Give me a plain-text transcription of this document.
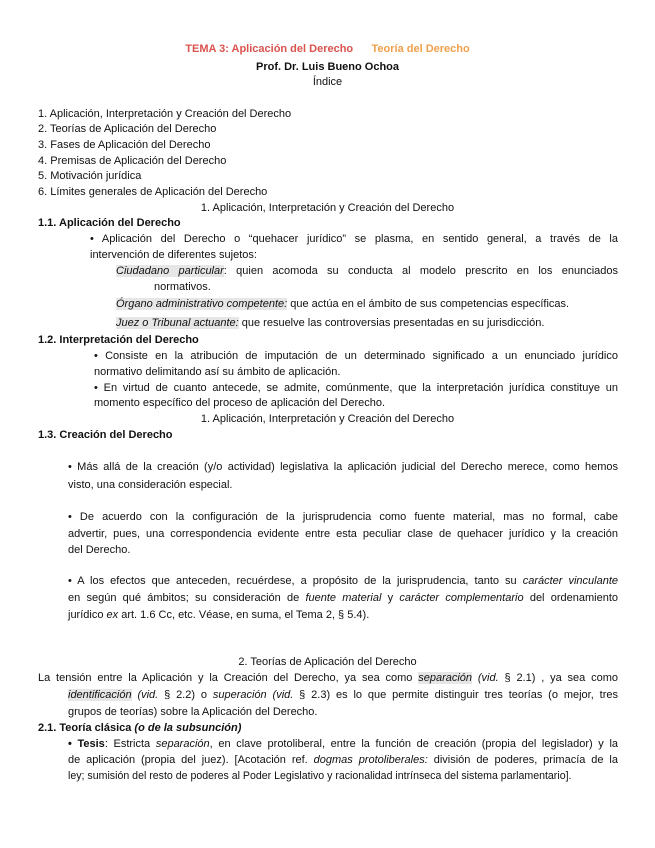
TEMA 3: Aplicación del Derecho Teoría del Derecho
Prof. Dr. Luis Bueno Ochoa
Índice
1. Aplicación, Interpretación y Creación del Derecho
2. Teorías de Aplicación del Derecho
3. Fases de Aplicación del Derecho
4. Premisas de Aplicación del Derecho
5. Motivación jurídica
6. Límites generales de Aplicación del Derecho
1. Aplicación, Interpretación y Creación del Derecho
1.1. Aplicación del Derecho
• Aplicación del Derecho o “quehacer jurídico” se plasma, en sentido general, a través de la
intervención de diferentes sujetos:
Ciudadano particular: quien acomoda su conducta al modelo prescrito en los enunciados
normativos.
Órgano administrativo competente: que actúa en el ámbito de sus competencias específicas.
Juez o Tribunal actuante: que resuelve las controversias presentadas en su jurisdicción.
1.2. Interpretación del Derecho
• Consiste en la atribución de imputación de un determinado significado a un enunciado jurídico
normativo delimitando así su ámbito de aplicación.
• En virtud de cuanto antecede, se admite, comúnmente, que la interpretación jurídica constituye un
momento específico del proceso de aplicación del Derecho.
1. Aplicación, Interpretación y Creación del Derecho
1.3. Creación del Derecho
• Más allá de la creación (y/o actividad) legislativa la aplicación judicial del Derecho merece, como hemos
visto, una consideración especial.
• De acuerdo con la configuración de la jurisprudencia como fuente material, mas no formal, cabe
advertir, pues, una correspondencia evidente entre esta peculiar clase de quehacer jurídico y la creación
del Derecho.
• A los efectos que anteceden, recuérdese, a propósito de la jurisprudencia, tanto su carácter vinculante
en según qué ámbitos; su consideración de fuente material y carácter complementario del ordenamiento
jurídico ex art. 1.6 Cc, etc. Véase, en suma, el Tema 2, § 5.4).
2. Teorías de Aplicación del Derecho
La tensión entre la Aplicación y la Creación del Derecho, ya sea como separación (vid. § 2.1) , ya sea como
identificación (vid. § 2.2) o superación (vid. § 2.3) es lo que permite distinguir tres teorías (o mejor, tres
grupos de teorías) sobre la Aplicación del Derecho.
2.1. Teoría clásica (o de la subsunción)
• Tesis: Estricta separación, en clave protoliberal, entre la función de creación (propia del legislador) y la
de aplicación (propia del juez). [Acotación ref. dogmas protoliberales: división de poderes, primacía de la
ley; sumisión del resto de poderes al Poder Legislativo y racionalidad intrínseca del sistema parlamentario].
